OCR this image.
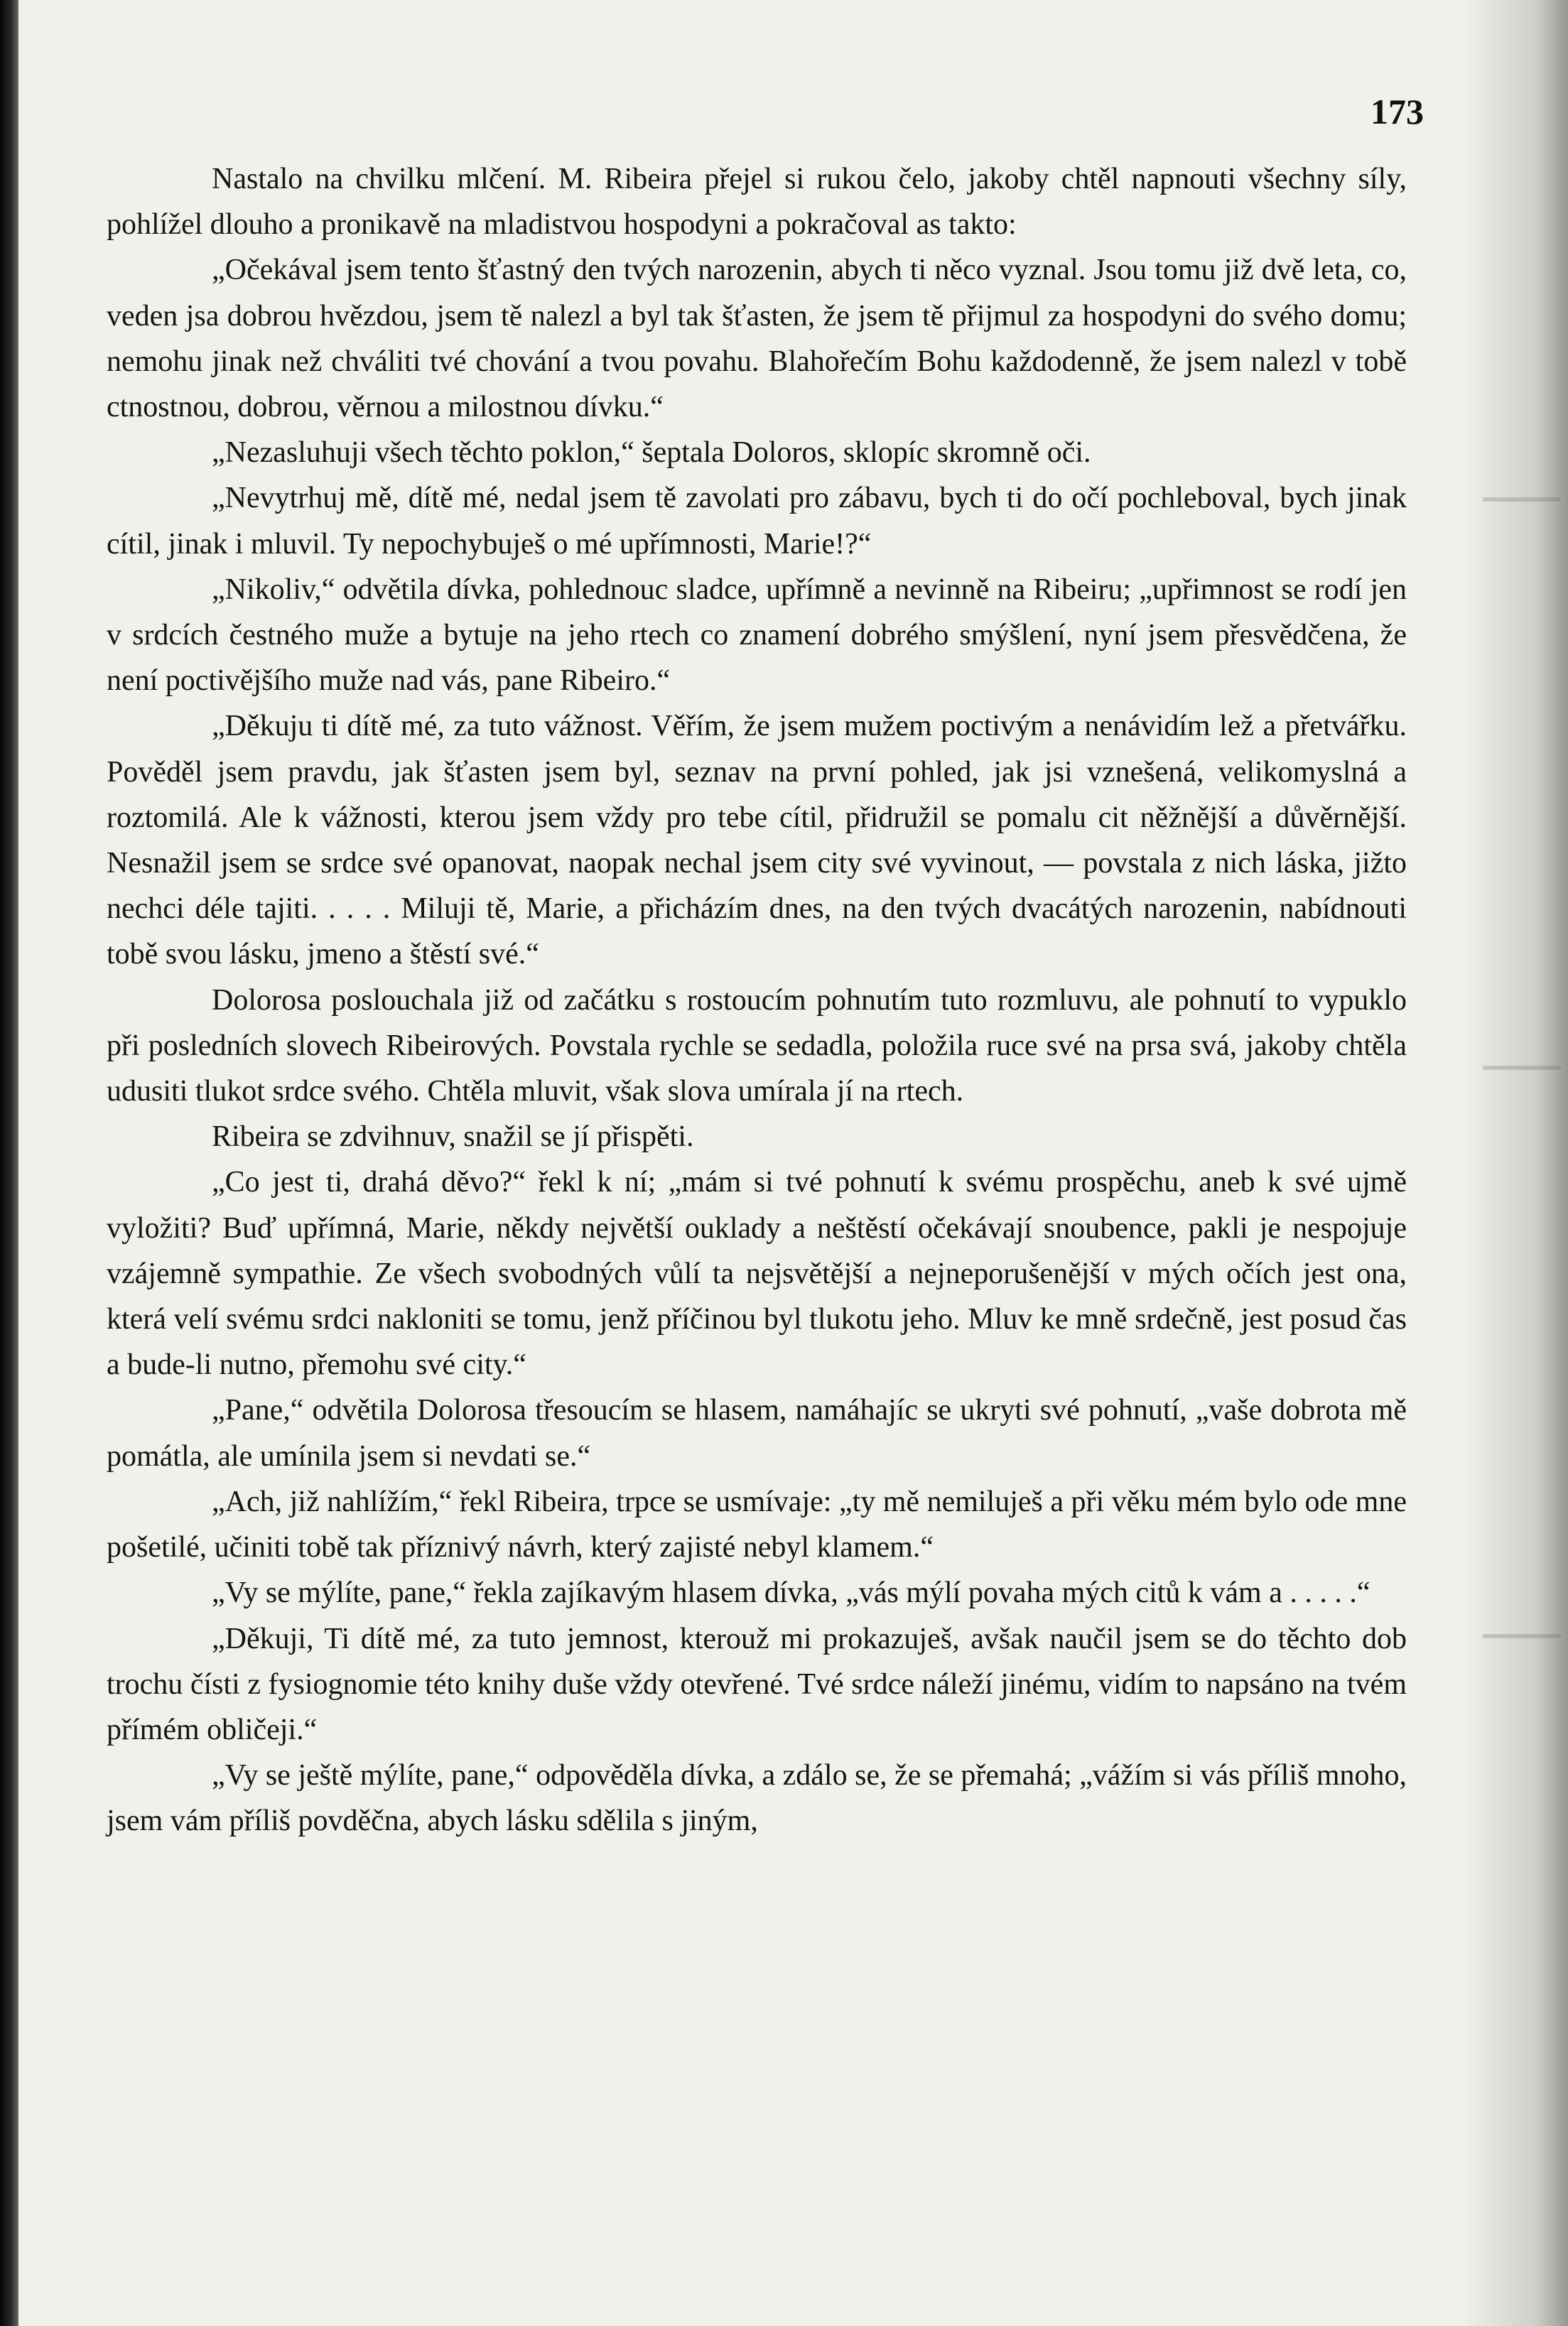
173

Nastalo na chvilku mlčení. M. Ribeira přejel si rukou čelo, jakoby chtěl napnouti všechny síly, pohlížel dlouho a pronikavě na mladistvou hospodyni a pokračoval as takto:

„Očekával jsem tento šťastný den tvých narozenin, abych ti něco vyznal. Jsou tomu již dvě leta, co, veden jsa dobrou hvězdou, jsem tě nalezl a byl tak šťasten, že jsem tě přijmul za hospodyni do svého domu; nemohu jinak než chváliti tvé chování a tvou povahu. Blahořečím Bohu každodenně, že jsem nalezl v tobě ctnostnou, dobrou, věrnou a milostnou dívku.“

„Nezasluhuji všech těchto poklon,“ šeptala Doloros, sklopíc skromně oči.

„Nevytrhuj mě, dítě mé, nedal jsem tě zavolati pro zábavu, bych ti do očí pochleboval, bych jinak cítil, jinak i mluvil. Ty nepochybuješ o mé upřímnosti, Marie!?“

„Nikoliv,“ odvětila dívka, pohlednouc sladce, upřímně a nevinně na Ribeiru; „upřimnost se rodí jen v srdcích čestného muže a bytuje na jeho rtech co znamení dobrého smýšlení, nyní jsem přesvědčena, že není poctivějšího muže nad vás, pane Ribeiro.“

„Děkuju ti dítě mé, za tuto vážnost. Věřím, že jsem mužem poctivým a nenávidím lež a přetvářku. Pověděl jsem pravdu, jak šťasten jsem byl, seznav na první pohled, jak jsi vznešená, velikomyslná a roztomilá. Ale k vážnosti, kterou jsem vždy pro tebe cítil, přidružil se pomalu cit něžnější a důvěrnější. Nesnažil jsem se srdce své opanovat, naopak nechal jsem city své vyvinout, — povstala z nich láska, jižto nechci déle tajiti. . . . . Miluji tě, Marie, a přicházím dnes, na den tvých dvacátých narozenin, nabídnouti tobě svou lásku, jmeno a štěstí své.“

Dolorosa poslouchala již od začátku s rostoucím pohnutím tuto rozmluvu, ale pohnutí to vypuklo při posledních slovech Ribeirových. Povstala rychle se sedadla, položila ruce své na prsa svá, jakoby chtěla udusiti tlukot srdce svého. Chtěla mluvit, však slova umírala jí na rtech.

Ribeira se zdvihnuv, snažil se jí přispěti.

„Co jest ti, drahá děvo?“ řekl k ní; „mám si tvé pohnutí k svému prospěchu, aneb k své ujmě vyložiti? Buď upřímná, Marie, někdy největší ouklady a neštěstí očekávají snoubence, pakli je nespojuje vzájemně sympathie. Ze všech svobodných vůlí ta nejsvětější a nejneporušenější v mých očích jest ona, která velí svému srdci nakloniti se tomu, jenž příčinou byl tlukotu jeho. Mluv ke mně srdečně, jest posud čas a bude-li nutno, přemohu své city.“

„Pane,“ odvětila Dolorosa třesoucím se hlasem, namáhajíc se ukryti své pohnutí, „vaše dobrota mě pomátla, ale umínila jsem si nevdati se.“

„Ach, již nahlížím,“ řekl Ribeira, trpce se usmívaje: „ty mě nemiluješ a při věku mém bylo ode mne pošetilé, učiniti tobě tak příznivý návrh, který zajisté nebyl klamem.“

„Vy se mýlíte, pane,“ řekla zajíkavým hlasem dívka, „vás mýlí povaha mých citů k vám a . . . . .“

„Děkuji, Ti dítě mé, za tuto jemnost, kterouž mi prokazuješ, avšak naučil jsem se do těchto dob trochu čísti z fysiognomie této knihy duše vždy otevřené. Tvé srdce náleží jinému, vidím to napsáno na tvém přímém obličeji.“

„Vy se ještě mýlíte, pane,“ odpověděla dívka, a zdálo se, že se přemahá; „vážím si vás příliš mnoho, jsem vám příliš povděčna, abych lásku sdělila s jiným,
